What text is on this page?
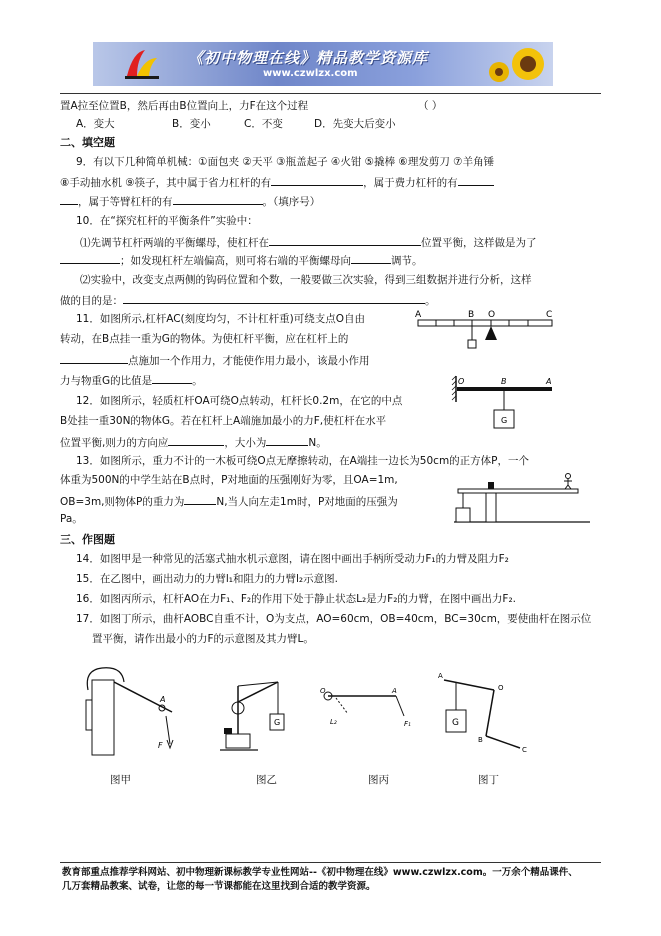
《初中物理在线》精品教学资源库
www.czwlzx.com
置A拉至位置B，然后再由B位置向上，力F在这个过程	（ ）
A．变大	B．变小	C．不变	D．先变大后变小
二、填空题
9．有以下几种简单机械：①面包夹 ②天平 ③瓶盖起子 ④火钳 ⑤撬棒 ⑥理发剪刀 ⑦羊角锤
⑧手动抽水机 ⑨筷子，其中属于省力杠杆的有	，属于费力杠杆的有
，属于等臂杠杆的有	。（填序号）
10．在“探究杠杆的平衡条件”实验中：
⑴先调节杠杆两端的平衡螺母，使杠杆在	位置平衡，这样做是为了
；如发现杠杆左端偏高，则可将右端的平衡螺母向	调节。
⑵实验中，改变支点两侧的钩码位置和个数，一般要做三次实验，得到三组数据并进行分析，这样
做的目的是：	。
11．如图所示,杠杆AC(刻度均匀，不计杠杆重)可绕支点O自由
转动，在B点挂一重为G的物体。为使杠杆平衡，应在杠杆上的
点施加一个作用力，才能使作用力最小，该最小作用
力与物重G的比值是	。
A	B O	C
12．如图所示，轻质杠杆OA可绕O点转动，杠杆长0.2m，在它的中点
B处挂一重30N的物体G。若在杠杆上A端施加最小的力F,使杠杆在水平
位置平衡,则力的方向应	，大小为	N。
O	B	A
G
13．如图所示，重力不计的一木板可绕O点无摩擦转动，在A端挂一边长为50cm的正方体P，一个
体重为500N的中学生站在B点时，P对地面的压强刚好为零，且OA=1m,
OB=3m,则物体P的重力为	N,当人向左走1m时，P对地面的压强为
Pa。
三、作图题
14．如图甲是一种常见的活塞式抽水机示意图，请在图中画出手柄所受动力F₁的力臂及阻力F₂
15．在乙图中，画出动力的力臂l₁和阻力的力臂l₂示意图.
16．如图丙所示，杠杆AO在力F₁、F₂的作用下处于静止状态L₂是力F₂的力臂，在图中画出力F₂.
17．如图丁所示，曲杆AOBC自重不计，O为支点，AO=60cm，OB=40cm，BC=30cm，要使曲杆在图示位
置平衡，请作出最小的力F的示意图及其力臂L。
A
F
G
A
O
F₁
L₂	G
A
O
B
C
图甲	图乙	图丙	图丁
教育部重点推荐学科网站、初中物理新课标教学专业性网站--《初中物理在线》www.czwlzx.com。一万余个精品课件、
几万套精品教案、试卷，让您的每一节课都能在这里找到合适的教学资源。
